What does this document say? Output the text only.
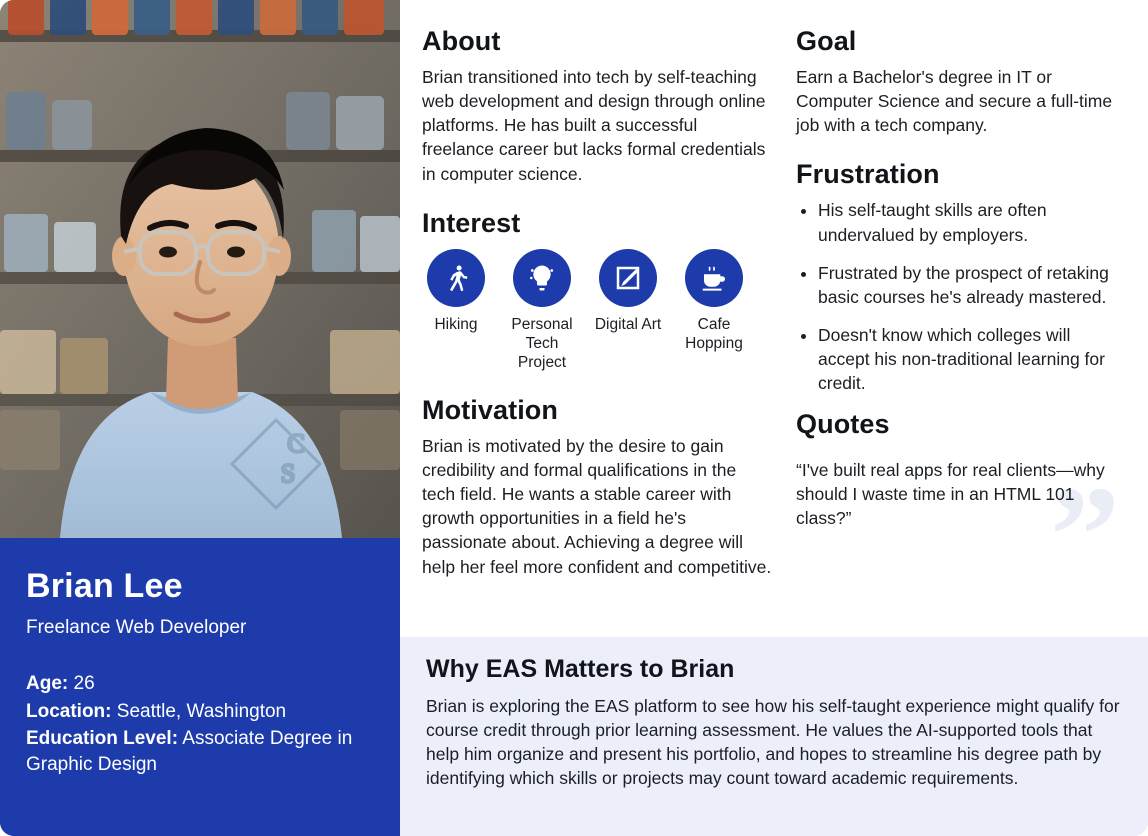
C
S
Brian Lee
Freelance Web Developer
Age: 26
Location: Seattle, Washington
Education Level: Associate Degree in Graphic Design
About

Brian transitioned into tech by self-teaching web development and design through online platforms. He has built a successful freelance career but lacks formal credentials in computer science.

Interest
Hiking	Personal Tech Project
Digital Art	Cafe Hopping
Motivation

Brian is motivated by the desire to gain credibility and formal qualifications in the tech field. He wants a stable career with growth opportunities in a field he's passionate about. Achieving a degree will help her feel more confident and competitive.

Goal

Earn a Bachelor's degree in IT or Computer Science and secure a full-time job with a tech company.

Frustration
• His self-taught skills are often undervalued by employers.
• Frustrated by the prospect of retaking basic courses he's already mastered.
• Doesn't know which colleges will accept his non-traditional learning for credit.
Quotes
”

“I've built real apps for real clients—why should I waste time in an HTML 101 class?”

Why EAS Matters to Brian

Brian is exploring the EAS platform to see how his self-taught experience might qualify for course credit through prior learning assessment. He values the AI-supported tools that help him organize and present his portfolio, and hopes to streamline his degree path by identifying which skills or projects may count toward academic requirements.
